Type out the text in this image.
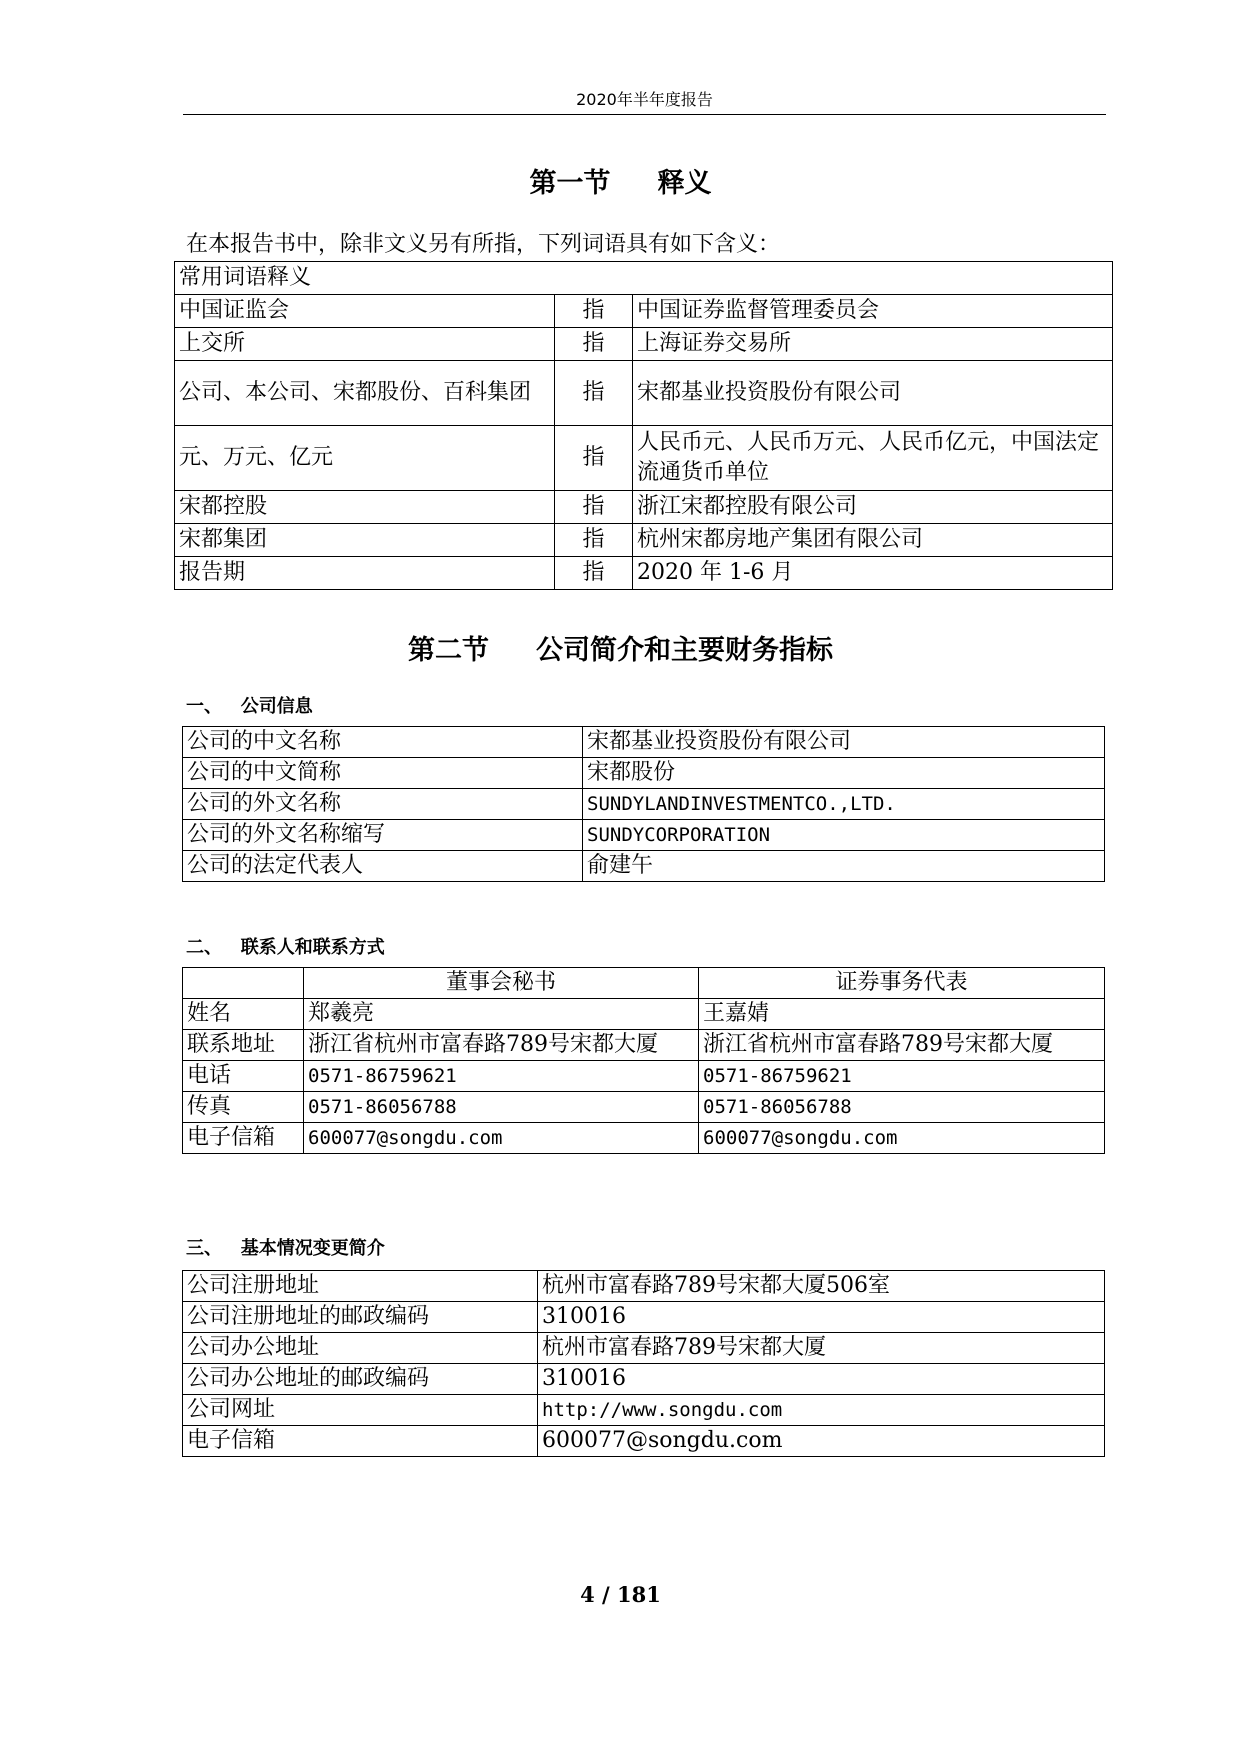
2020年半年度报告
第一节     释义
在本报告书中，除非文义另有所指，下列词语具有如下含义：
常用词语释义		
中国证监会	指	中国证券监督管理委员会
上交所	指	上海证券交易所
公司、本公司、宋都股份、百科集团	指	宋都基业投资股份有限公司
元、万元、亿元	指	人民币元、人民币万元、人民币亿元，中国法定流通货币单位
宋都控股	指	浙江宋都控股有限公司
宋都集团	指	杭州宋都房地产集团有限公司
报告期	指	2020 年 1-6 月
第二节     公司简介和主要财务指标
一、   公司信息
公司的中文名称	宋都基业投资股份有限公司
公司的中文简称	宋都股份
公司的外文名称	SUNDYLANDINVESTMENTCO.,LTD.
公司的外文名称缩写	SUNDYCORPORATION
公司的法定代表人	俞建午
二、   联系人和联系方式
	董事会秘书	证券事务代表
姓名	郑羲亮	王嘉婧
联系地址	浙江省杭州市富春路789号宋都大厦	浙江省杭州市富春路789号宋都大厦
电话	0571-86759621	0571-86759621
传真	0571-86056788	0571-86056788
电子信箱	600077@songdu.com	600077@songdu.com
三、   基本情况变更简介
公司注册地址	杭州市富春路789号宋都大厦506室
公司注册地址的邮政编码	310016
公司办公地址	杭州市富春路789号宋都大厦
公司办公地址的邮政编码	310016
公司网址	http://www.songdu.com
电子信箱	600077@songdu.com
4 / 181
